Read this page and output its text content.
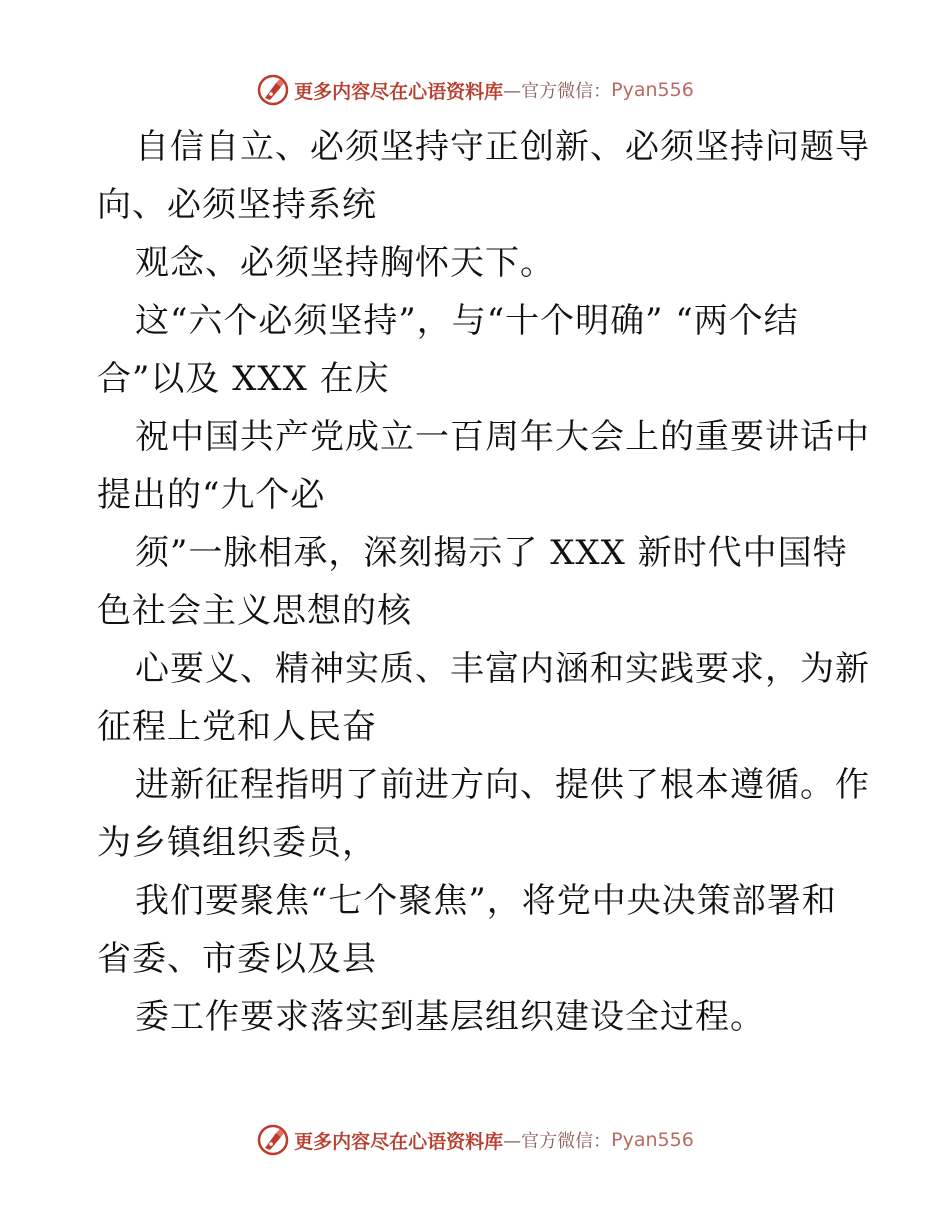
更多内容尽在心语资料库 —官方微信： Pyan556
自信自立、必须坚持守正创新、必须坚持问题导
向、必须坚持系统
观念、必须坚持胸怀天下。
这“六个必须坚持”，与“十个明确” “两个结
合”以及 XXX 在庆
祝中国共产党成立一百周年大会上的重要讲话中
提出的“九个必
须”一脉相承，深刻揭示了 XXX 新时代中国特
色社会主义思想的核
心要义、精神实质、丰富内涵和实践要求，为新
征程上党和人民奋
进新征程指明了前进方向、提供了根本遵循。作
为乡镇组织委员，
我们要聚焦“七个聚焦”，将党中央决策部署和
省委、市委以及县
委工作要求落实到基层组织建设全过程。
更多内容尽在心语资料库 —官方微信： Pyan556
